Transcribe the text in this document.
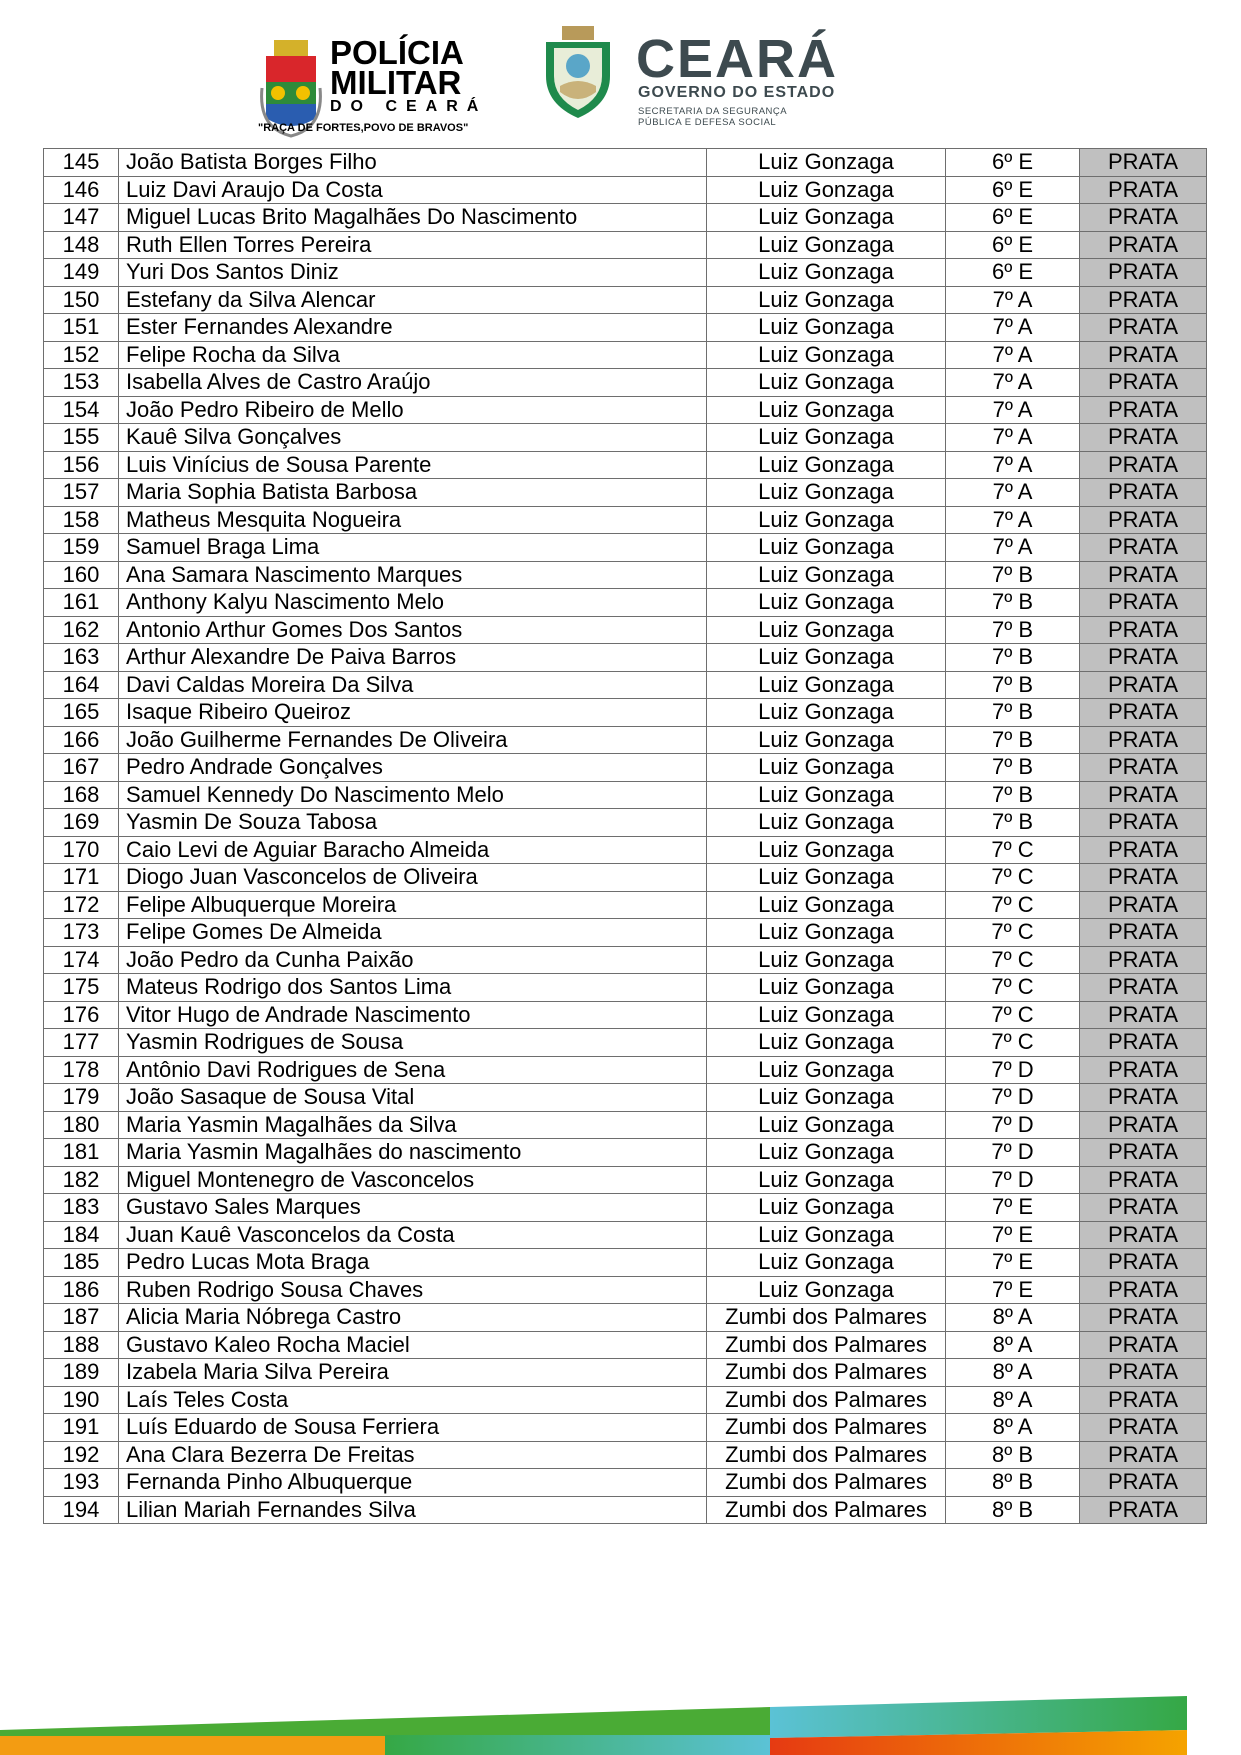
POLÍCIA
MILITAR
DO CEARÁ
"RAÇA DE FORTES,POVO DE BRAVOS"
CEARÁ
GOVERNO DO ESTADO
SECRETARIA DA SEGURANÇA
PÚBLICA E DEFESA SOCIAL
145	João Batista Borges Filho	Luiz Gonzaga	6º E	PRATA
146	Luiz Davi Araujo Da Costa	Luiz Gonzaga	6º E	PRATA
147	Miguel Lucas Brito Magalhães Do Nascimento	Luiz Gonzaga	6º E	PRATA
148	Ruth Ellen Torres Pereira	Luiz Gonzaga	6º E	PRATA
149	Yuri Dos Santos Diniz	Luiz Gonzaga	6º E	PRATA
150	Estefany da Silva Alencar	Luiz Gonzaga	7º A	PRATA
151	Ester Fernandes Alexandre	Luiz Gonzaga	7º A	PRATA
152	Felipe Rocha da Silva	Luiz Gonzaga	7º A	PRATA
153	Isabella Alves de Castro Araújo	Luiz Gonzaga	7º A	PRATA
154	João Pedro Ribeiro de Mello	Luiz Gonzaga	7º A	PRATA
155	Kauê Silva Gonçalves	Luiz Gonzaga	7º A	PRATA
156	Luis Vinícius de Sousa Parente	Luiz Gonzaga	7º A	PRATA
157	Maria Sophia Batista Barbosa	Luiz Gonzaga	7º A	PRATA
158	Matheus Mesquita Nogueira	Luiz Gonzaga	7º A	PRATA
159	Samuel Braga Lima	Luiz Gonzaga	7º A	PRATA
160	Ana Samara Nascimento Marques	Luiz Gonzaga	7º B	PRATA
161	Anthony Kalyu Nascimento Melo	Luiz Gonzaga	7º B	PRATA
162	Antonio Arthur Gomes Dos Santos	Luiz Gonzaga	7º B	PRATA
163	Arthur Alexandre De Paiva Barros	Luiz Gonzaga	7º B	PRATA
164	Davi Caldas Moreira Da Silva	Luiz Gonzaga	7º B	PRATA
165	Isaque Ribeiro Queiroz	Luiz Gonzaga	7º B	PRATA
166	João Guilherme Fernandes De Oliveira	Luiz Gonzaga	7º B	PRATA
167	Pedro Andrade Gonçalves	Luiz Gonzaga	7º B	PRATA
168	Samuel Kennedy Do Nascimento Melo	Luiz Gonzaga	7º B	PRATA
169	Yasmin De Souza Tabosa	Luiz Gonzaga	7º B	PRATA
170	Caio Levi de Aguiar Baracho Almeida	Luiz Gonzaga	7º C	PRATA
171	Diogo Juan Vasconcelos de Oliveira	Luiz Gonzaga	7º C	PRATA
172	Felipe Albuquerque Moreira	Luiz Gonzaga	7º C	PRATA
173	Felipe Gomes De Almeida	Luiz Gonzaga	7º C	PRATA
174	João Pedro da Cunha Paixão	Luiz Gonzaga	7º C	PRATA
175	Mateus Rodrigo dos Santos Lima	Luiz Gonzaga	7º C	PRATA
176	Vitor Hugo de Andrade Nascimento	Luiz Gonzaga	7º C	PRATA
177	Yasmin Rodrigues de Sousa	Luiz Gonzaga	7º C	PRATA
178	Antônio Davi Rodrigues de Sena	Luiz Gonzaga	7º D	PRATA
179	João Sasaque de Sousa Vital	Luiz Gonzaga	7º D	PRATA
180	Maria Yasmin Magalhães da Silva	Luiz Gonzaga	7º D	PRATA
181	Maria Yasmin Magalhães do nascimento	Luiz Gonzaga	7º D	PRATA
182	Miguel Montenegro de Vasconcelos	Luiz Gonzaga	7º D	PRATA
183	Gustavo Sales Marques	Luiz Gonzaga	7º E	PRATA
184	Juan Kauê Vasconcelos da Costa	Luiz Gonzaga	7º E	PRATA
185	Pedro Lucas Mota Braga	Luiz Gonzaga	7º E	PRATA
186	Ruben Rodrigo Sousa Chaves	Luiz Gonzaga	7º E	PRATA
187	Alicia Maria Nóbrega Castro	Zumbi dos Palmares	8º A	PRATA
188	Gustavo Kaleo Rocha Maciel	Zumbi dos Palmares	8º A	PRATA
189	Izabela Maria Silva Pereira	Zumbi dos Palmares	8º A	PRATA
190	Laís Teles Costa	Zumbi dos Palmares	8º A	PRATA
191	Luís Eduardo de Sousa Ferriera	Zumbi dos Palmares	8º A	PRATA
192	Ana Clara Bezerra De Freitas	Zumbi dos Palmares	8º B	PRATA
193	Fernanda Pinho Albuquerque	Zumbi dos Palmares	8º B	PRATA
194	Lilian Mariah Fernandes Silva	Zumbi dos Palmares	8º B	PRATA
